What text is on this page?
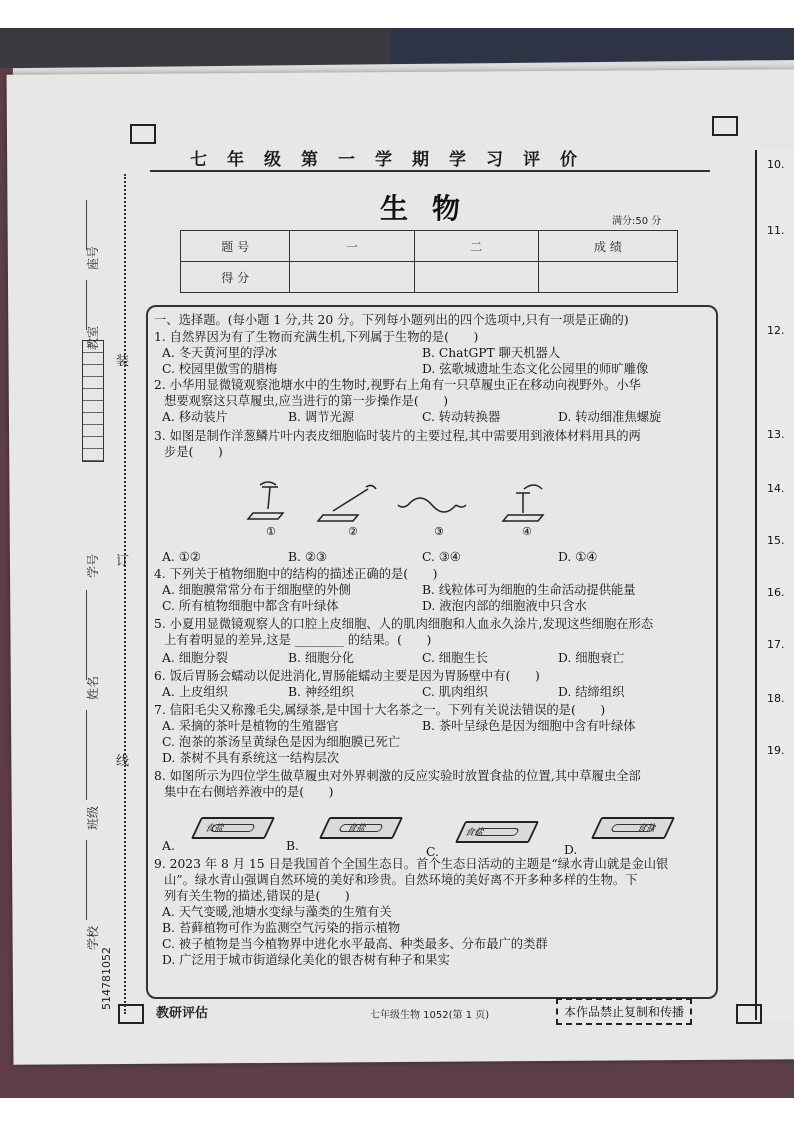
10.
11.
12.
13.
14.
15.
16.
17.
18.
19.
座号
教室
学号
姓名
班级
学校
514781052
装
订
线
七年级第一学期学习评价
生物	满分:50 分
题 号	一	二	成 绩
得 分			
一、选择题。(每小题 1 分,共 20 分。下列每小题列出的四个选项中,只有一项是正确的)
1. 自然界因为有了生物而充满生机,下列属于生物的是(　　)
A. 冬天黄河里的浮冰	B. ChatGPT 聊天机器人
C. 校园里傲雪的腊梅	D. 弦歌城遗址生态文化公园里的师旷雕像
2. 小华用显微镜观察池塘水中的生物时,视野右上角有一只草履虫正在移动向视野外。小华
想要观察这只草履虫,应当进行的第一步操作是(　　)
A. 移动装片	B. 调节光源	C. 转动转换器	D. 转动细准焦螺旋
3. 如图是制作洋葱鳞片叶内表皮细胞临时装片的主要过程,其中需要用到液体材料用具的两
步是(　　)
①	②	③	④
A. ①②	B. ②③	C. ③④	D. ①④
4. 下列关于植物细胞中的结构的描述正确的是(　　)
A. 细胞膜常常分布于细胞壁的外侧	B. 线粒体可为细胞的生命活动提供能量
C. 所有植物细胞中都含有叶绿体	D. 液泡内部的细胞液中只含水
5. 小夏用显微镜观察人的口腔上皮细胞、人的肌肉细胞和人血永久涂片,发现这些细胞在形态
上有着明显的差异,这是 ________ 的结果。(　　)
A. 细胞分裂	B. 细胞分化	C. 细胞生长	D. 细胞衰亡
6. 饭后胃肠会蠕动以促进消化,胃肠能蠕动主要是因为胃肠壁中有(　　)
A. 上皮组织	B. 神经组织	C. 肌肉组织	D. 结缔组织
7. 信阳毛尖又称豫毛尖,属绿茶,是中国十大名茶之一。下列有关说法错误的是(　　)
A. 采摘的茶叶是植物的生殖器官	B. 茶叶呈绿色是因为细胞中含有叶绿体
C. 泡茶的茶汤呈黄绿色是因为细胞膜已死亡
D. 茶树不具有系统这一结构层次
8. 如图所示为四位学生做草履虫对外界刺激的反应实验时放置食盐的位置,其中草履虫全部
集中在右侧培养液中的是(　　)
食盐	食盐	食盐	食盐
A.	B.	C.	D.
9. 2023 年 8 月 15 日是我国首个全国生态日。首个生态日活动的主题是“绿水青山就是金山银
山”。绿水青山强调自然环境的美好和珍贵。自然环境的美好离不开多种多样的生物。下
列有关生物的描述,错误的是(　　)
A. 天气变暖,池塘水变绿与藻类的生殖有关
B. 苔藓植物可作为监测空气污染的指示植物
C. 被子植物是当今植物界中进化水平最高、种类最多、分布最广的类群
D. 广泛用于城市街道绿化美化的银杏树有种子和果实
教研评估	七年级生物 1052(第 1 页)	本作品禁止复制和传播
